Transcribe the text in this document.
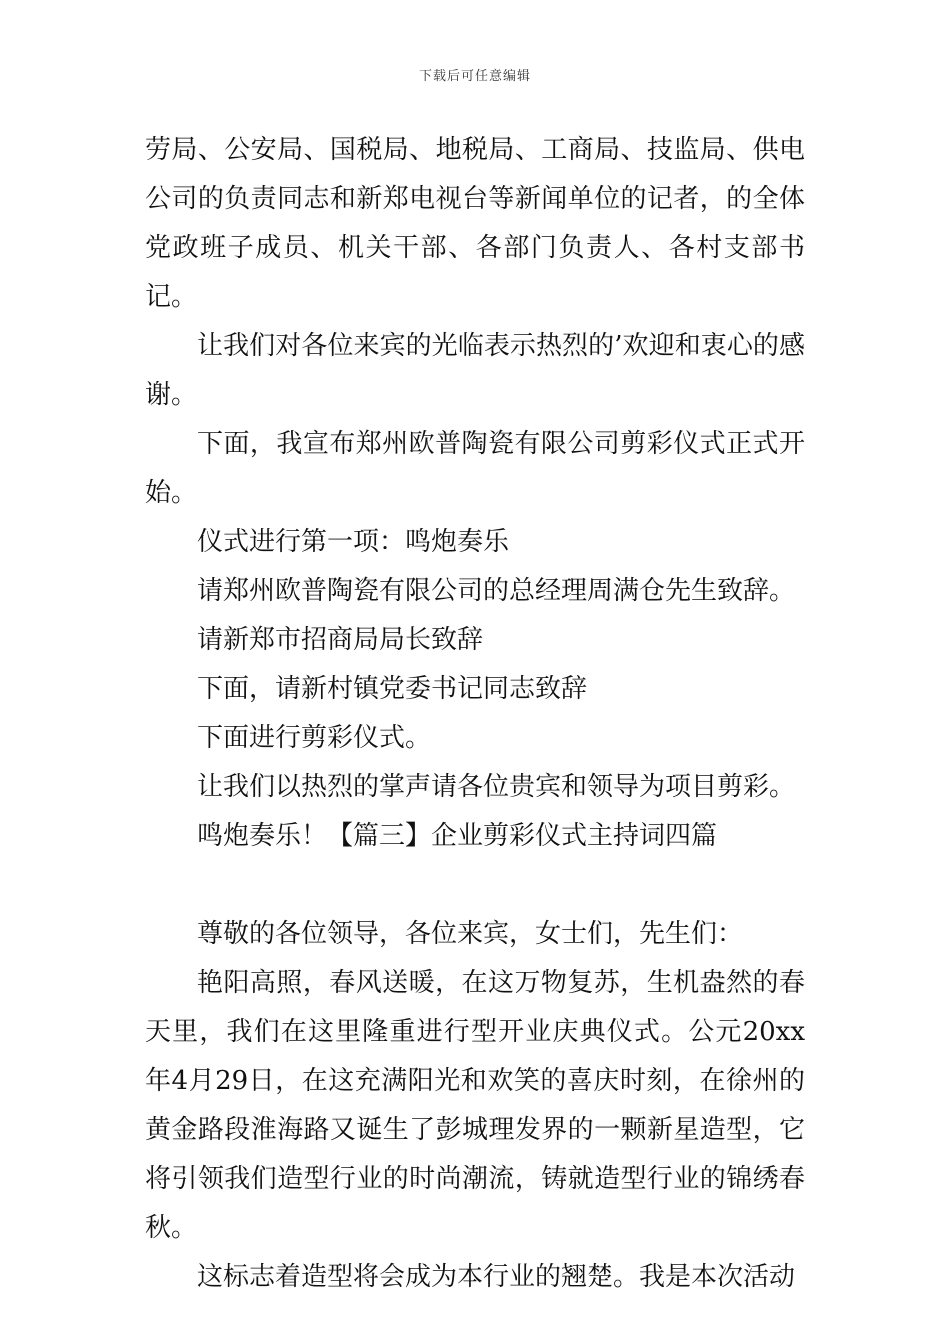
下载后可任意编辑

劳局、公安局、国税局、地税局、工商局、技监局、供电公司的负责同志和新郑电视台等新闻单位的记者，的全体党政班子成员、机关干部、各部门负责人、各村支部书记。

让我们对各位来宾的光临表示热烈的’欢迎和衷心的感谢。

下面，我宣布郑州欧普陶瓷有限公司剪彩仪式正式开始。

仪式进行第一项：鸣炮奏乐

请郑州欧普陶瓷有限公司的总经理周满仓先生致辞。

请新郑市招商局局长致辞

下面，请新村镇党委书记同志致辞

下面进行剪彩仪式。

让我们以热烈的掌声请各位贵宾和领导为项目剪彩。

鸣炮奏乐！【篇三】企业剪彩仪式主持词四篇

尊敬的各位领导，各位来宾，女士们，先生们：

艳阳高照，春风送暖，在这万物复苏，生机盎然的春天里，我们在这里隆重进行型开业庆典仪式。公元20xx年4月29日，在这充满阳光和欢笑的喜庆时刻，在徐州的黄金路段淮海路又诞生了彭城理发界的一颗新星造型，它将引领我们造型行业的时尚潮流，铸就造型行业的锦绣春秋。

这标志着造型将会成为本行业的翘楚。我是本次活动
